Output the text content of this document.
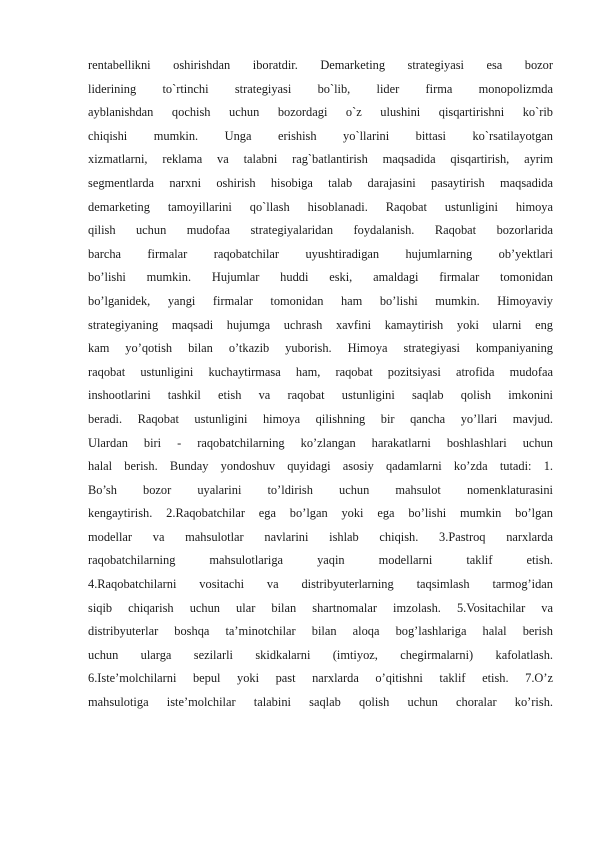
rentabellikni oshirishdan iboratdir. Demarketing strategiyasi esa bozor
liderining to`rtinchi strategiyasi bo`lib, lider firma monopolizmda
ayblanishdan qochish uchun bozordagi o`z ulushini qisqartirishni ko`rib
chiqishi mumkin. Unga erishish yo`llarini bittasi ko`rsatilayotgan
xizmatlarni, reklama va talabni rag`batlantirish maqsadida qisqartirish, ayrim
segmentlarda narxni oshirish hisobiga talab darajasini pasaytirish maqsadida
demarketing tamoyillarini qo`llash hisoblanadi. Raqobat ustunligini himoya
qilish uchun mudofaa strategiyalaridan foydalanish. Raqobat bozorlarida
barcha firmalar raqobatchilar uyushtiradigan hujumlarning ob’yektlari
bo’lishi mumkin. Hujumlar huddi eski, amaldagi firmalar tomonidan
bo’lganidek, yangi firmalar tomonidan ham bo’lishi mumkin. Himoyaviy
strategiyaning maqsadi hujumga uchrash xavfini kamaytirish yoki ularni eng
kam yo’qotish bilan o’tkazib yuborish. Himoya strategiyasi kompaniyaning
raqobat ustunligini kuchaytirmasa ham, raqobat pozitsiyasi atrofida mudofaa
inshootlarini tashkil etish va raqobat ustunligini saqlab qolish imkonini
beradi. Raqobat ustunligini himoya qilishning bir qancha yo’llari mavjud.
Ulardan biri - raqobatchilarning ko’zlangan harakatlarni boshlashlari uchun
halal berish. Bunday yondoshuv quyidagi asosiy qadamlarni ko’zda tutadi: 1.
Bo’sh bozor uyalarini to’ldirish uchun mahsulot nomenklaturasini
kengaytirish. 2.Raqobatchilar ega bo’lgan yoki ega bo’lishi mumkin bo’lgan
modellar va mahsulotlar navlarini ishlab chiqish. 3.Pastroq narxlarda
raqobatchilarning mahsulotlariga yaqin modellarni taklif etish.
4.Raqobatchilarni vositachi va distribyuterlarning taqsimlash tarmog’idan
siqib chiqarish uchun ular bilan shartnomalar imzolash. 5.Vositachilar va
distribyuterlar boshqa ta’minotchilar bilan aloqa bog’lashlariga halal berish
uchun ularga sezilarli skidkalarni (imtiyoz, chegirmalarni) kafolatlash.
6.Iste’molchilarni bepul yoki past narxlarda o’qitishni taklif etish. 7.O’z
mahsulotiga iste’molchilar talabini saqlab qolish uchun choralar ko’rish.
